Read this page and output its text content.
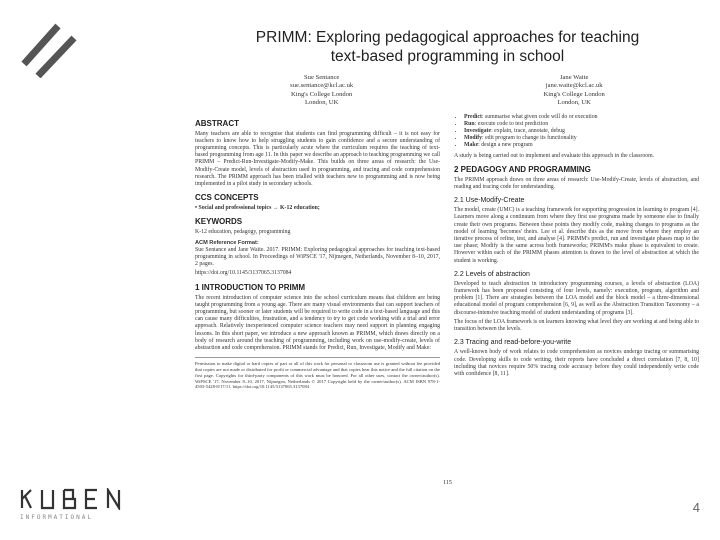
PRIMM: Exploring pedagogical approaches for teaching
text-based programming in school
Sue Sentance
sue.sentance@kcl.ac.uk
King's College London
London, UK
Jane Waite
jane.waite@kcl.ac.uk
King's College London
London, UK
ABSTRACT

Many teachers are able to recognise that students can find programming difficult – it is not easy for teachers to know how to help struggling students to gain confidence and a secure understanding of programming concepts. This is particularly acute where the curriculum requires the teaching of text-based programming from age 11. In this paper we describe an approach to teaching programming we call PRIMM – Predict-Run-Investigate-Modify-Make. This builds on three areas of research: the Use-Modify-Create model, levels of abstraction used in programming, and tracing and code comprehension research. The PRIMM approach has been trialled with teachers new to programming and is now being implemented in a pilot study in secondary schools.

CCS CONCEPTS

• Social and professional topics → K-12 education;

KEYWORDS

K-12 education, pedagogy, programming

ACM Reference Format:

Sue Sentance and Jane Waite. 2017. PRIMM: Exploring pedagogical approaches for teaching text-based programming in school. In Proceedings of WiPSCE '17, Nijmegen, Netherlands, November 8–10, 2017, 2 pages.

https://doi.org/10.1145/3137065.3137084

1 INTRODUCTION TO PRIMM

The recent introduction of computer science into the school curriculum means that children are being taught programming from a young age. There are many visual environments that can support teachers of programming, but sooner or later students will be required to write code in a text-based language and this can cause many difficulties, frustration, and a tendency to try to get code working with a trial and error approach. Relatively inexperienced computer science teachers may need support in planning engaging lessons. In this short paper, we introduce a new approach known as PRIMM, which draws directly on a body of research around the teaching of programming, including work on use-modify-create, levels of abstraction and code comprehension. PRIMM stands for Predict, Run, Investigate, Modify and Make:

Permission to make digital or hard copies of part or all of this work for personal or classroom use is granted without fee provided that copies are not made or distributed for profit or commercial advantage and that copies bear this notice and the full citation on the first page. Copyrights for third-party components of this work must be honored. For all other uses, contact the owner/author(s). WiPSCE '17, November 8–10, 2017, Nijmegen, Netherlands © 2017 Copyright held by the owner/author(s). ACM ISBN 978-1-4503-5428-8/17/11. https://doi.org/10.1145/3137065.3137084
• Predict: summarise what given code will do or execution
• Run: execute code to test prediction
• Investigate: explain, trace, annotate, debug
• Modify: edit program to change its functionality
• Make: design a new program

A study is being carried out to implement and evaluate this approach in the classroom.

2 PEDAGOGY AND PROGRAMMING

The PRIMM approach draws on three areas of research: Use-Modify-Create, levels of abstraction, and reading and tracing code for understanding.

2.1 Use-Modify-Create

The model, create (UMC) is a teaching framework for supporting progression in learning to program [4]. Learners move along a continuum from where they first use programs made by someone else to finally create their own programs. Between these points they modify code, making changes to programs as the model of learning 'becomes' theirs. Lee et al. describe this as the move from where they employ an iterative process of refine, test, and analyse [4]. PRIMM's predict, run and investigate phases map to the use phase; Modify is the same across both frameworks; PRIMM's make phase is equivalent to create. However within each of the PRIMM phases attention is drawn to the level of abstraction at which the student is working.

2.2 Levels of abstraction

Developed to teach abstraction in introductory programming courses, a levels of abstraction (LOA) framework has been proposed consisting of four levels, namely: execution, program, algorithm and problem [1]. There are strategies between the LOA model and the block model – a three-dimensional educational model of program comprehension [6, 9], as well as the Abstraction Transition Taxonomy – a discourse-intensive teaching model of student understanding of programs [3].

The focus of the LOA framework is on learners knowing what level they are working at and being able to transition between the levels.

2.3 Tracing and read-before-you-write

A well-known body of work relates to code comprehension as novices undergo tracing or summarising code. Developing skills to code writing, their reports have concluded a direct correlation [7, 8, 10] including that novices require 50% tracing code accuracy before they could independently write code with confidence [8, 11].

115
INFORMATIONAL
4
